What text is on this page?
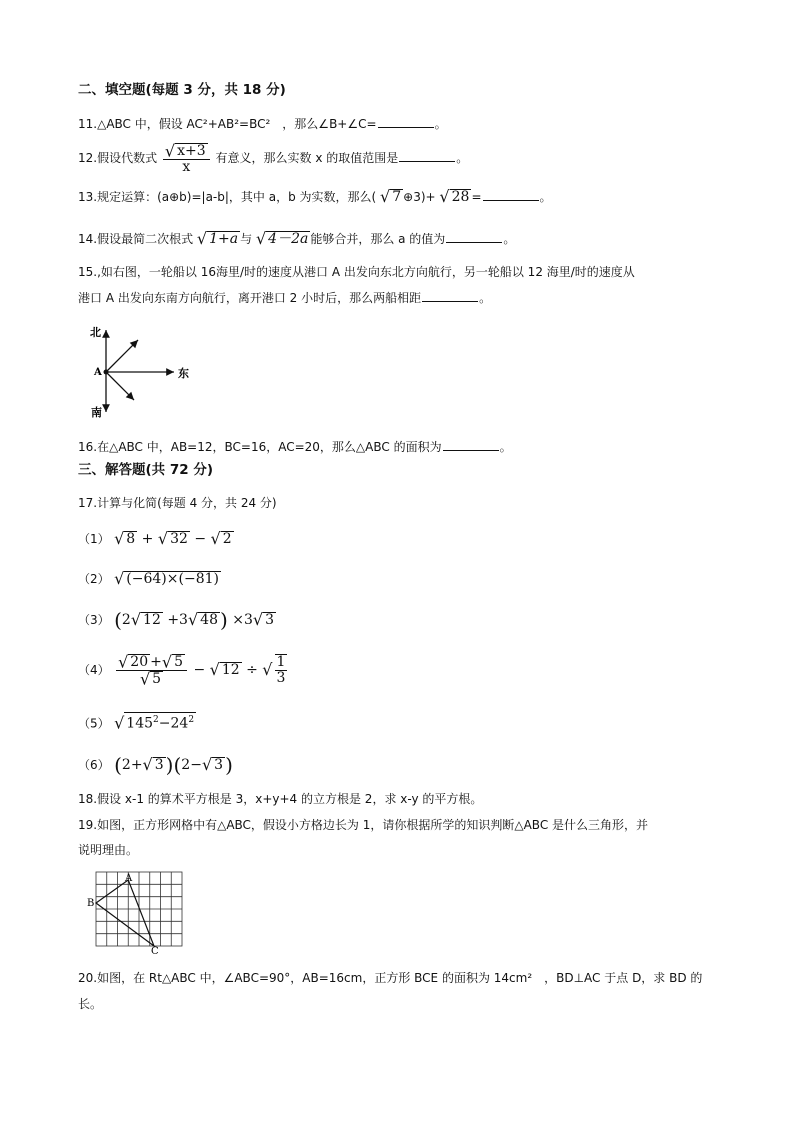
二、填空题(每题 3 分，共 18 分)
11.△ABC 中，假设 AC²+AB²=BC²　，那么∠B+∠C=	。
12.假设代数式 $\frac{√ x+3}{x}$ 有意义，那么实数 x 的取值范围是	。
13.规定运算：(a⊕b)=|a-b|，其中 a，b 为实数，那么( √ 7 ⊕3)+ √ 28 =	。
14.假设最简二次根式 √ 1+a 与 √ 4－2a 能够合并，那么 a 的值为	。
15.,如右图，一轮船以 16海里/时的速度从港口 A 出发向东北方向航行，另一轮船以 12 海里/时的速度从
港口 A 出发向东南方向航行，离开港口 2 小时后，那么两船相距	。
北
A	东
南
16.在△ABC 中，AB=12，BC=16，AC=20，那么△ABC 的面积为	。
三、解答题(共 72 分)
17.计算与化简(每题 4 分，共 24 分)
（1） √ 8 + √ 32 − √ 2
（2） √ (−64)×(−81)
（3） (2√ 12 +3√ 48 ) ×3√ 3
$(4) \frac{√ 20 +√ 5}{√ 5}$ − √ 12 ÷ √ $\frac{1}{3}$
（5） √ $145^2-24^2$
（6） (2+√ 3 )(2−√ 3 )
18.假设 x-1 的算术平方根是 3，x+y+4 的立方根是 2，求 x-y 的平方根。
19.如图，正方形网格中有△ABC，假设小方格边长为 1，请你根据所学的知识判断△ABC 是什么三角形，并
说明理由。
A
B
C
20.如图，在 Rt△ABC 中，∠ABC=90°，AB=16cm，正方形 BCE 的面积为 14cm²　，BD⊥AC 于点 D，求 BD 的
长。
